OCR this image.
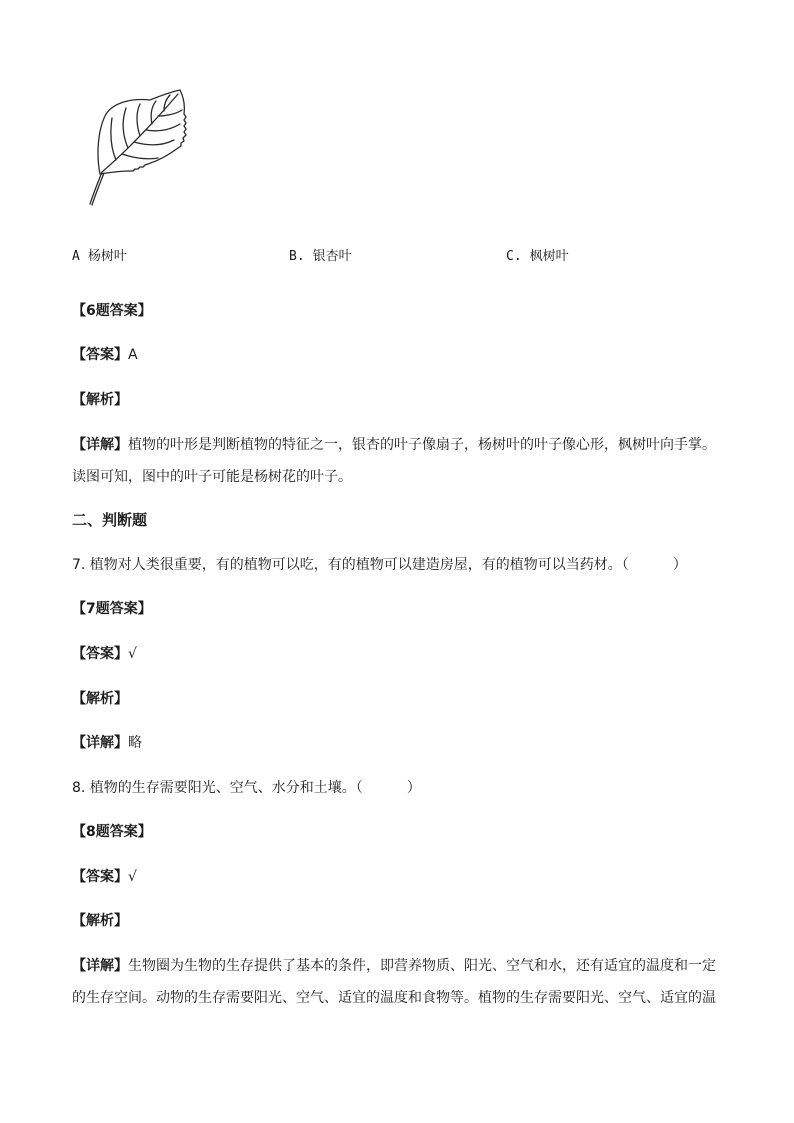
A 杨树叶	B. 银杏叶	C. 枫树叶
【6题答案】
【答案】A
【解析】
【详解】植物的叶形是判断植物的特征之一，银杏的叶子像扇子，杨树叶的叶子像心形，枫树叶向手掌。
读图可知，图中的叶子可能是杨树花的叶子。
二、判断题
7. 植物对人类很重要，有的植物可以吃，有的植物可以建造房屋，有的植物可以当药材。（	）
【7题答案】
【答案】√
【解析】
【详解】略
8. 植物的生存需要阳光、空气、水分和土壤。（	）
【8题答案】
【答案】√
【解析】
【详解】生物圈为生物的生存提供了基本的条件，即营养物质、阳光、空气和水，还有适宜的温度和一定
的生存空间。动物的生存需要阳光、空气、适宜的温度和食物等。植物的生存需要阳光、空气、适宜的温
